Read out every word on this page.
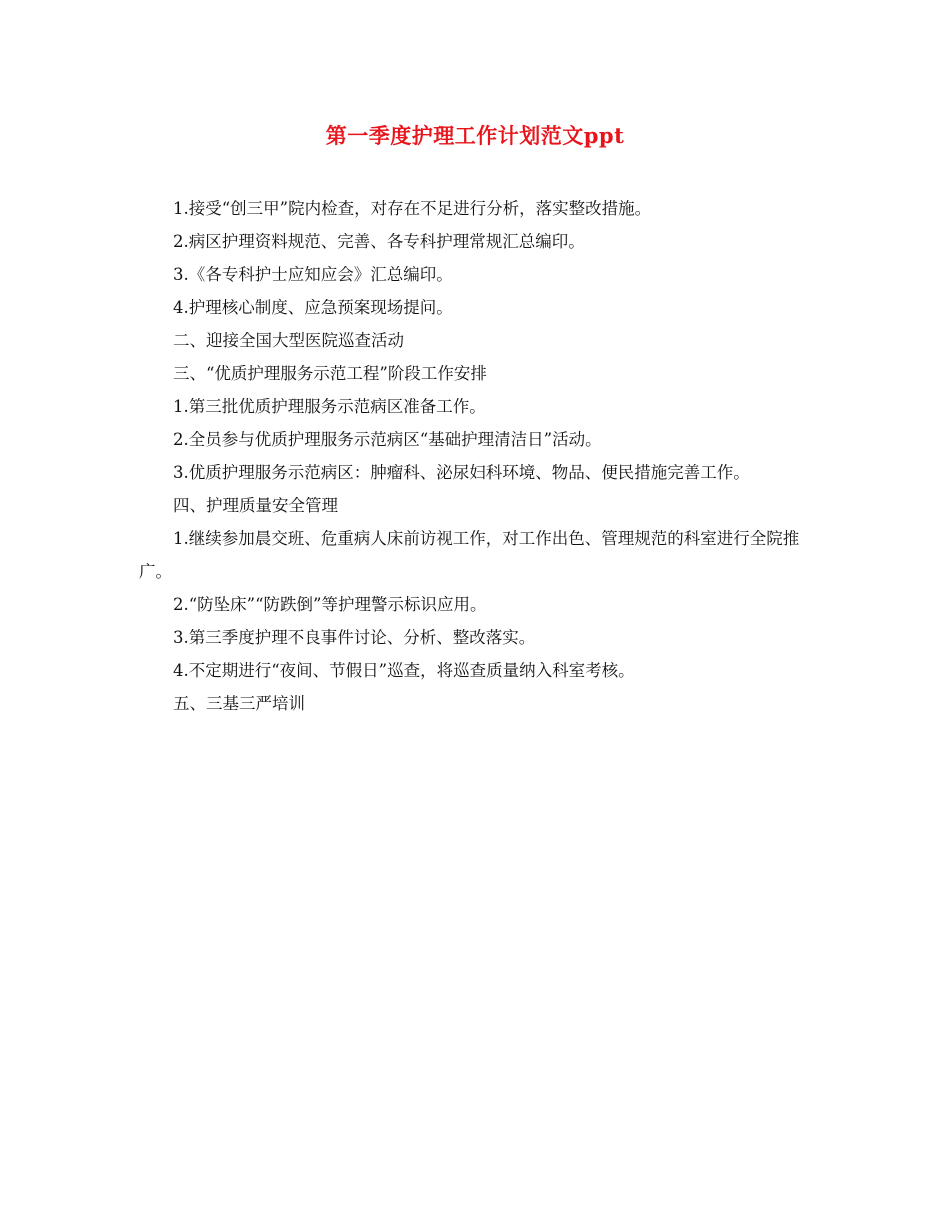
第一季度护理工作计划范文ppt

1.接受“创三甲”院内检查，对存在不足进行分析，落实整改措施。

2.病区护理资料规范、完善、各专科护理常规汇总编印。

3.《各专科护士应知应会》汇总编印。

4.护理核心制度、应急预案现场提问。

二、迎接全国大型医院巡查活动

三、“优质护理服务示范工程”阶段工作安排

1.第三批优质护理服务示范病区准备工作。

2.全员参与优质护理服务示范病区“基础护理清洁日”活动。

3.优质护理服务示范病区：肿瘤科、泌尿妇科环境、物品、便民措施完善工作。

四、护理质量安全管理

1.继续参加晨交班、危重病人床前访视工作，对工作出色、管理规范的科室进行全院推广。

2.“防坠床”“防跌倒”等护理警示标识应用。

3.第三季度护理不良事件讨论、分析、整改落实。

4.不定期进行“夜间、节假日”巡查，将巡查质量纳入科室考核。

五、三基三严培训
